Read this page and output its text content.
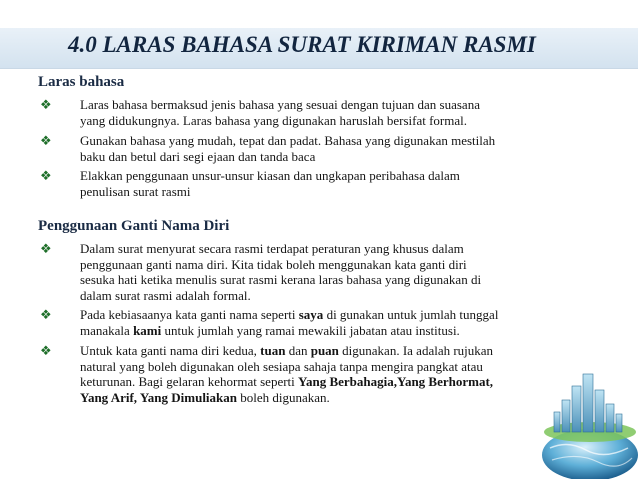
4.0 LARAS BAHASA SURAT KIRIMAN RASMI
Laras bahasa
❖	Laras bahasa bermaksud jenis bahasa yang sesuai dengan tujuan dan suasana
yang didukungnya. Laras bahasa yang digunakan haruslah bersifat formal.
❖	Gunakan bahasa yang mudah, tepat dan padat. Bahasa yang digunakan mestilah
baku dan betul dari segi ejaan dan tanda baca
❖	Elakkan penggunaan unsur-unsur kiasan dan ungkapan peribahasa dalam
penulisan surat rasmi
Penggunaan Ganti Nama Diri
❖	Dalam surat menyurat secara rasmi terdapat peraturan yang khusus dalam
penggunaan ganti nama diri. Kita tidak boleh menggunakan kata ganti diri
sesuka hati ketika menulis surat rasmi kerana laras bahasa yang digunakan di
dalam surat rasmi adalah formal.
❖	Pada kebiasaanya kata ganti nama seperti saya di gunakan untuk jumlah tunggal
manakala kami untuk jumlah yang ramai mewakili jabatan atau institusi.
❖	Untuk kata ganti nama diri kedua, tuan dan puan digunakan. Ia adalah rujukan
natural yang boleh digunakan oleh sesiapa sahaja tanpa mengira pangkat atau
keturunan. Bagi gelaran kehormat seperti Yang Berbahagia,Yang Berhormat,
Yang Arif, Yang Dimuliakan boleh digunakan.
